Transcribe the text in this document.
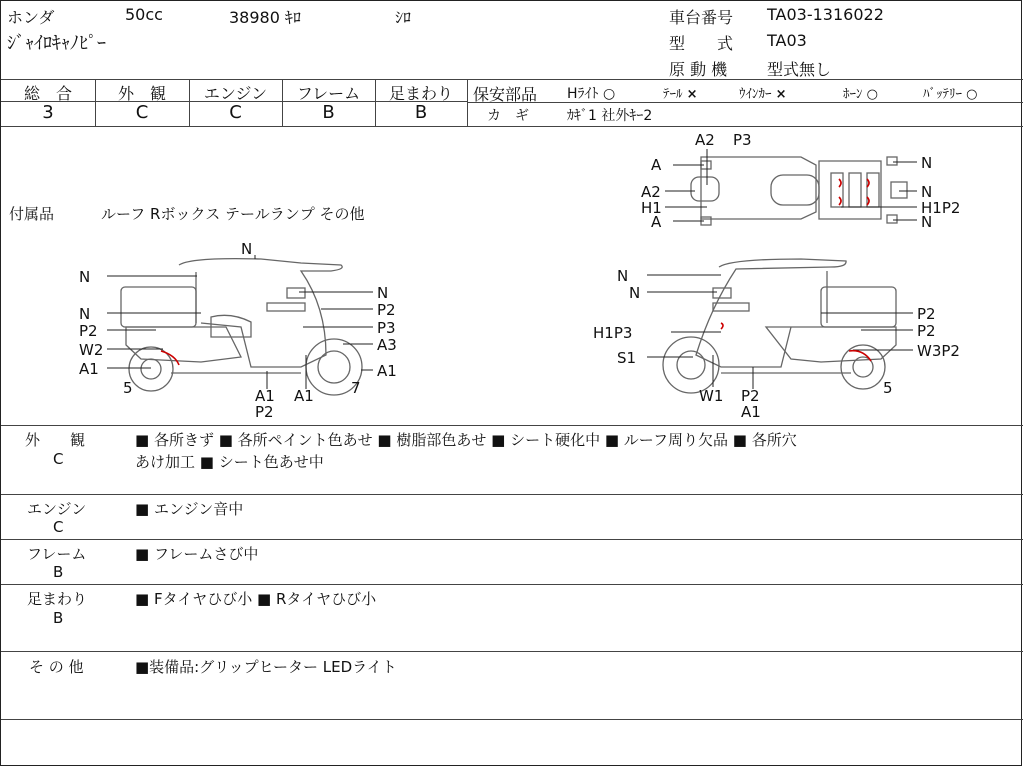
ホンダ	50cc	38980 ｷﾛ	ｼﾛ
ｼﾞｬｲﾛｷｬﾉﾋﾟｰ
車台番号 TA03-1316022
型　　式 TA03
原 動 機 型式無し
総　合	外　観	エンジン	フレーム	足まわり
3	C	C	B	B
保安部品 Hﾗｲﾄ ○	ﾃｰﾙ ×	ｳｲﾝｶｰ ×	ﾎｰﾝ ○	ﾊﾞｯﾃﾘｰ ○
カ　ギ	ｶｷﾞ1 社外ｷｰ2
付属品	ルーフ Rボックス テールランプ その他
A2 P3
A
A2
H1
A
N
N
H1P2
N
N
N
N
N	P2
P2	P3
W2	A3
A1	A1
5	A1
P2
A1 7
N
N
H1P3
S1
P2
P2
W3P2
5
W1 P2
A1
外　　観
C
■ 各所きず ■ 各所ペイント色あせ ■ 樹脂部色あせ ■ シート硬化中 ■ ルーフ周り欠品 ■ 各所穴
あけ加工 ■ シート色あせ中
エンジン
C
■ エンジン音中
フレーム
B
■ フレームさび中
足まわり
B
■ Fタイヤひび小 ■ Rタイヤひび小
そ の 他	■装備品:グリップヒーター LEDライト
